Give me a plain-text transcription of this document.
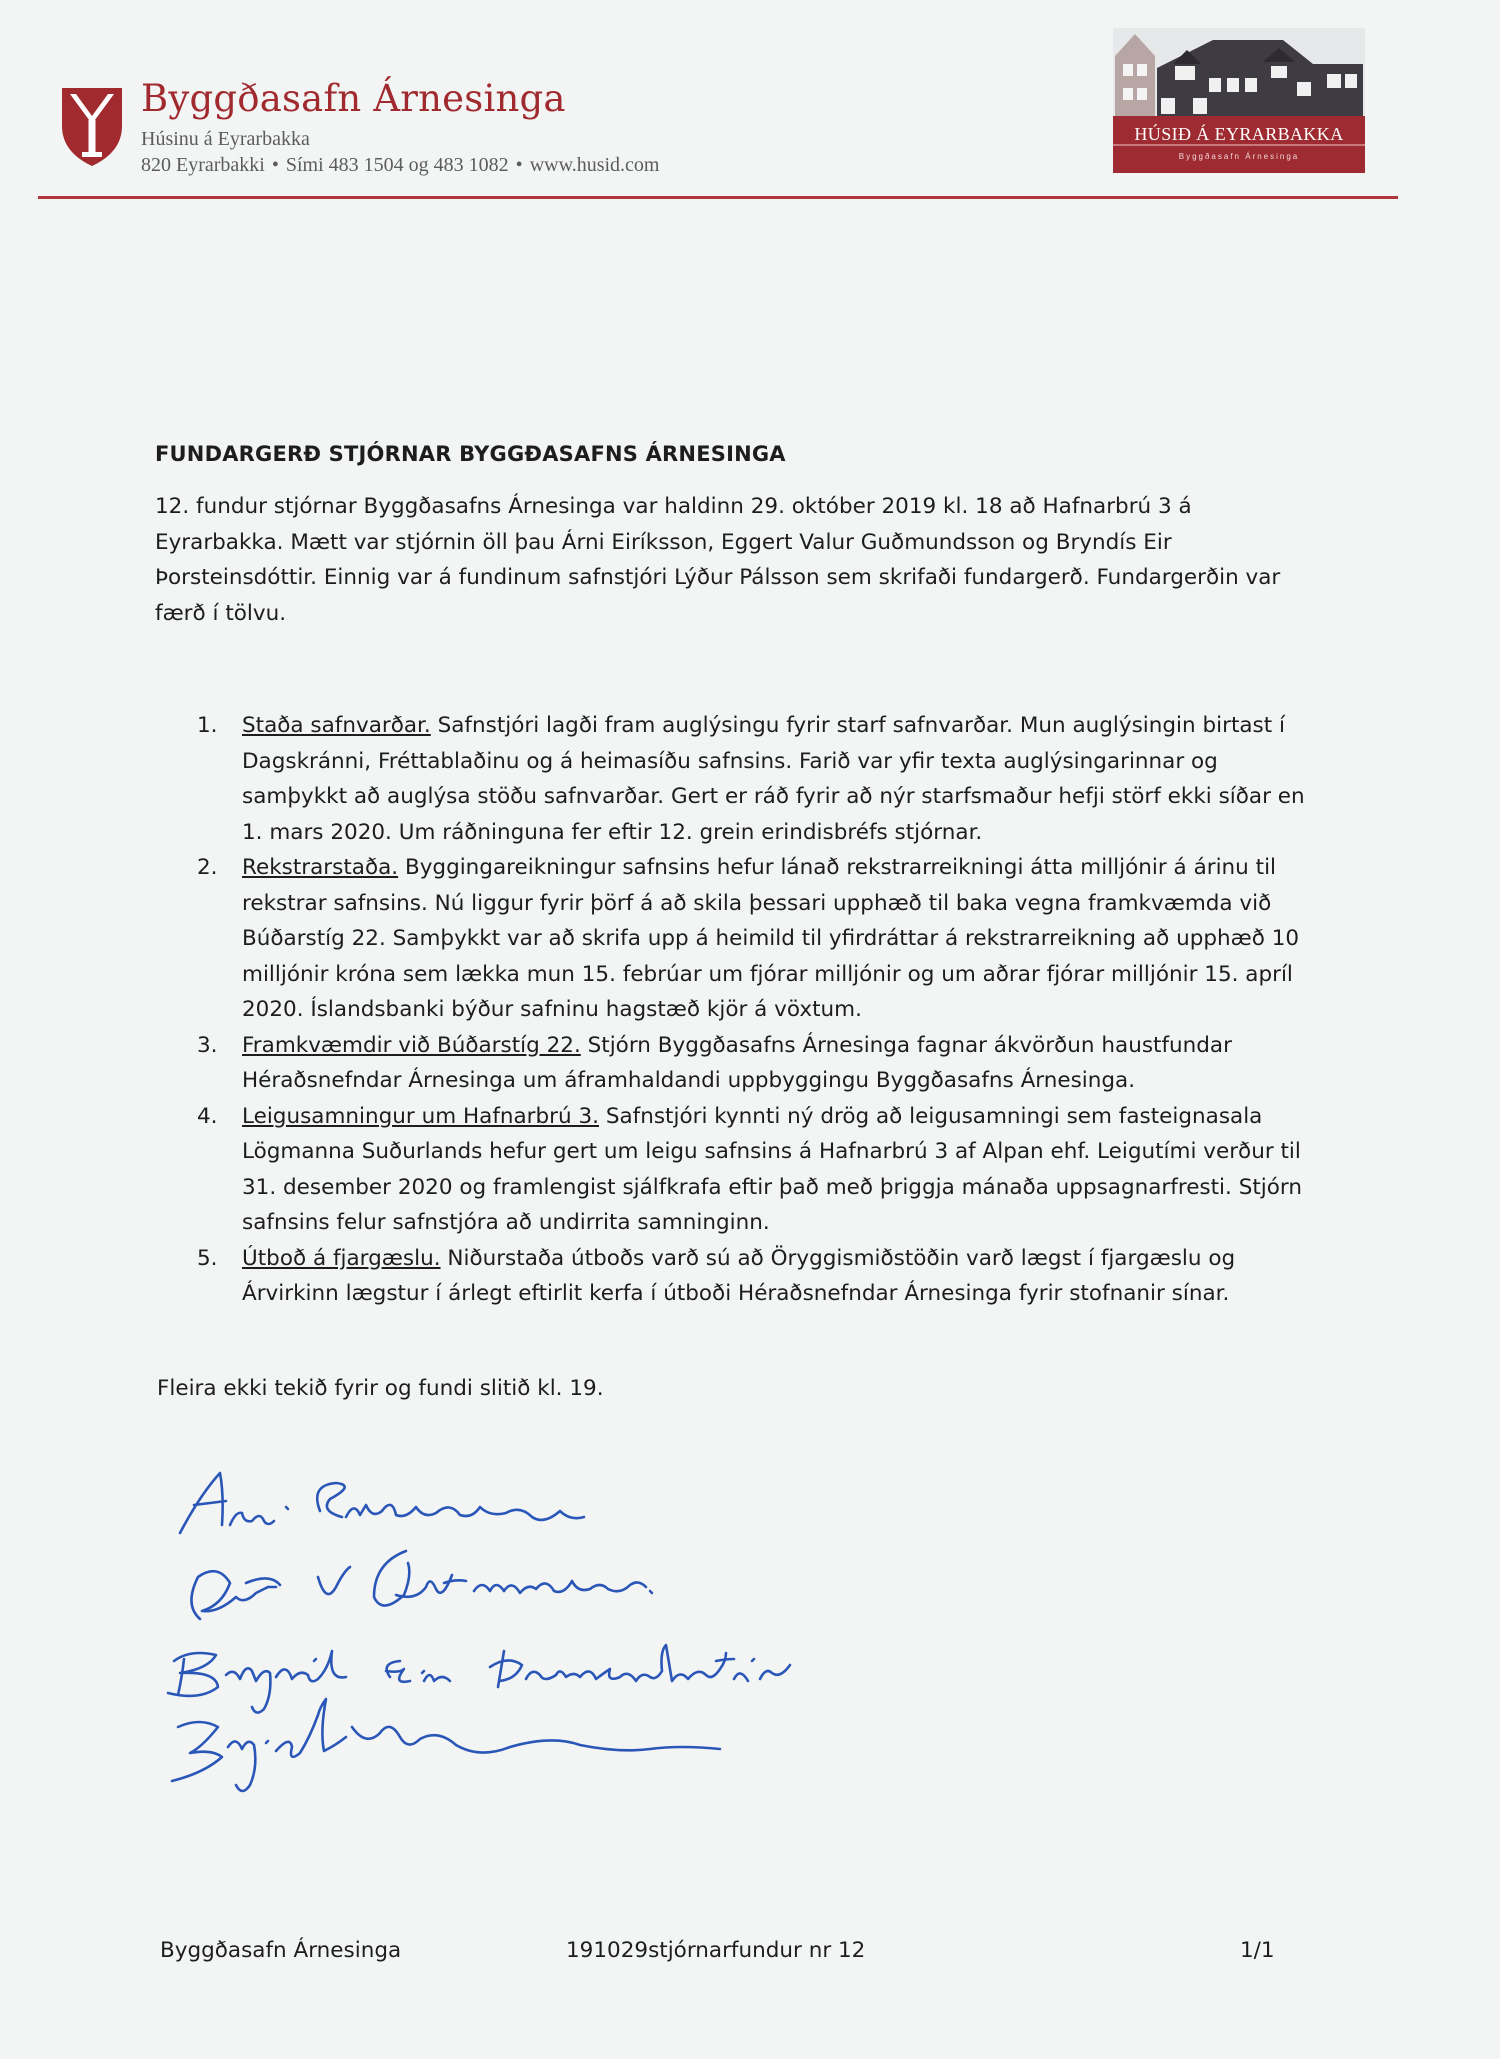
Byggðasafn Árnesinga
Húsinu á Eyrarbakka
820 Eyrarbakki • Sími 483 1504 og 483 1082 • www.husid.com
HÚSIÐ Á EYRARBAKKA
Byggðasafn Árnesinga
FUNDARGERÐ STJÓRNAR BYGGÐASAFNS ÁRNESINGA

12. fundur stjórnar Byggðasafns Árnesinga var haldinn 29. október 2019 kl. 18 að Hafnarbrú 3 á Eyrarbakka. Mætt var stjórnin öll þau Árni Eiríksson, Eggert Valur Guðmundsson og Bryndís Eir Þorsteinsdóttir. Einnig var á fundinum safnstjóri Lýður Pálsson sem skrifaði fundargerð. Fundargerðin var færð í tölvu.

1. Staða safnvarðar. Safnstjóri lagði fram auglýsingu fyrir starf safnvarðar. Mun auglýsingin birtast í Dagskránni, Fréttablaðinu og á heimasíðu safnsins. Farið var yfir texta auglýsingarinnar og samþykkt að auglýsa stöðu safnvarðar. Gert er ráð fyrir að nýr starfsmaður hefji störf ekki síðar en 1. mars 2020. Um ráðninguna fer eftir 12. grein erindisbréfs stjórnar.
2. Rekstrarstaða. Byggingareikningur safnsins hefur lánað rekstrarreikningi átta milljónir á árinu til rekstrar safnsins. Nú liggur fyrir þörf á að skila þessari upphæð til baka vegna framkvæmda við Búðarstíg 22. Samþykkt var að skrifa upp á heimild til yfirdráttar á rekstrarreikning að upphæð 10 milljónir króna sem lækka mun 15. febrúar um fjórar milljónir og um aðrar fjórar milljónir 15. apríl 2020. Íslandsbanki býður safninu hagstæð kjör á vöxtum.
3. Framkvæmdir við Búðarstíg 22. Stjórn Byggðasafns Árnesinga fagnar ákvörðun haustfundar Héraðsnefndar Árnesinga um áframhaldandi uppbyggingu Byggðasafns Árnesinga.
4. Leigusamningur um Hafnarbrú 3. Safnstjóri kynnti ný drög að leigusamningi sem fasteignasala Lögmanna Suðurlands hefur gert um leigu safnsins á Hafnarbrú 3 af Alpan ehf. Leigutími verður til 31. desember 2020 og framlengist sjálfkrafa eftir það með þriggja mánaða uppsagnarfresti. Stjórn safnsins felur safnstjóra að undirrita samninginn.
5. Útboð á fjargæslu. Niðurstaða útboðs varð sú að Öryggismiðstöðin varð lægst í fjargæslu og Árvirkinn lægstur í árlegt eftirlit kerfa í útboði Héraðsnefndar Árnesinga fyrir stofnanir sínar.
Fleira ekki tekið fyrir og fundi slitið kl. 19.
Byggðasafn Árnesinga	191029stjórnarfundur nr 12	1/1
